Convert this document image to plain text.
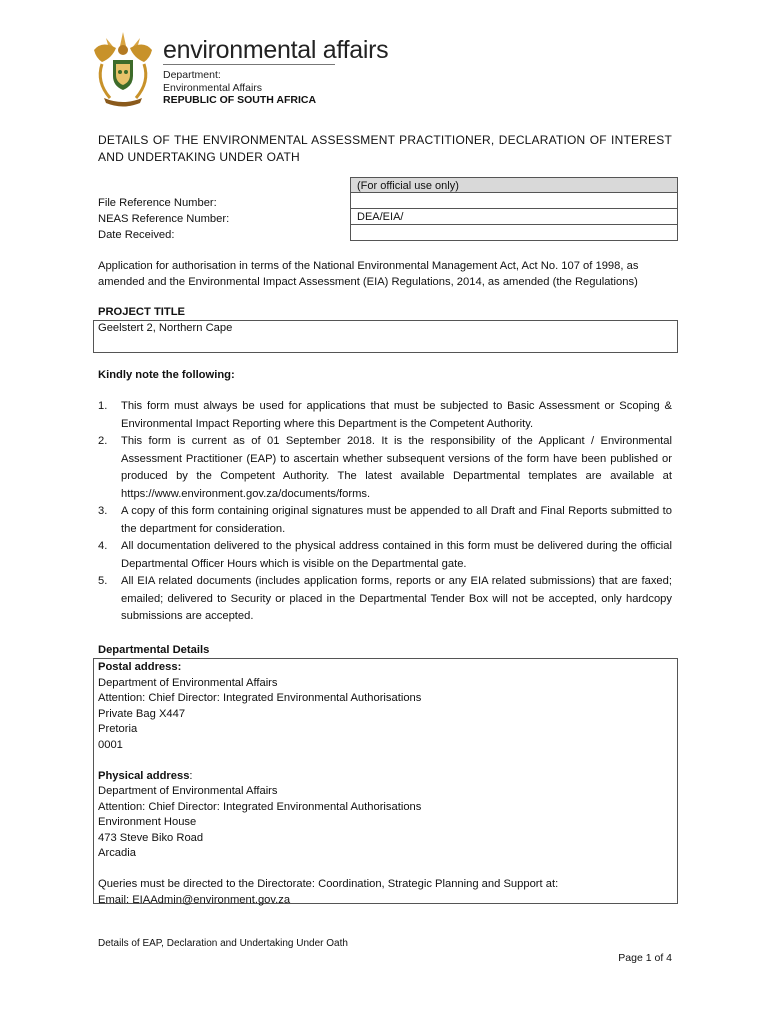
environmental affairs
Department:
Environmental Affairs
REPUBLIC OF SOUTH AFRICA
DETAILS OF THE ENVIRONMENTAL ASSESSMENT PRACTITIONER, DECLARATION OF INTEREST AND UNDERTAKING UNDER OATH
(For official use only)
DEA/EIA/
File Reference Number:
NEAS Reference Number:
Date Received:
Application for authorisation in terms of the National Environmental Management Act, Act No. 107 of 1998, as amended and the Environmental Impact Assessment (EIA) Regulations, 2014, as amended (the Regulations)
PROJECT TITLE
Geelstert 2, Northern Cape
Kindly note the following:
1. This form must always be used for applications that must be subjected to Basic Assessment or Scoping & Environmental Impact Reporting where this Department is the Competent Authority.
2. This form is current as of 01 September 2018. It is the responsibility of the Applicant / Environmental Assessment Practitioner (EAP) to ascertain whether subsequent versions of the form have been published or produced by the Competent Authority. The latest available Departmental templates are available at https://www.environment.gov.za/documents/forms.
3. A copy of this form containing original signatures must be appended to all Draft and Final Reports submitted to the department for consideration.
4. All documentation delivered to the physical address contained in this form must be delivered during the official Departmental Officer Hours which is visible on the Departmental gate.
5. All EIA related documents (includes application forms, reports or any EIA related submissions) that are faxed; emailed; delivered to Security or placed in the Departmental Tender Box will not be accepted, only hardcopy submissions are accepted.
Departmental Details
Postal address:
Department of Environmental Affairs
Attention: Chief Director: Integrated Environmental Authorisations
Private Bag X447
Pretoria
0001
Physical address:
Department of Environmental Affairs
Attention: Chief Director: Integrated Environmental Authorisations
Environment House
473 Steve Biko Road
Arcadia
Queries must be directed to the Directorate: Coordination, Strategic Planning and Support at:
Email: EIAAdmin@environment.gov.za
Details of EAP, Declaration and Undertaking Under Oath
Page 1 of 4
